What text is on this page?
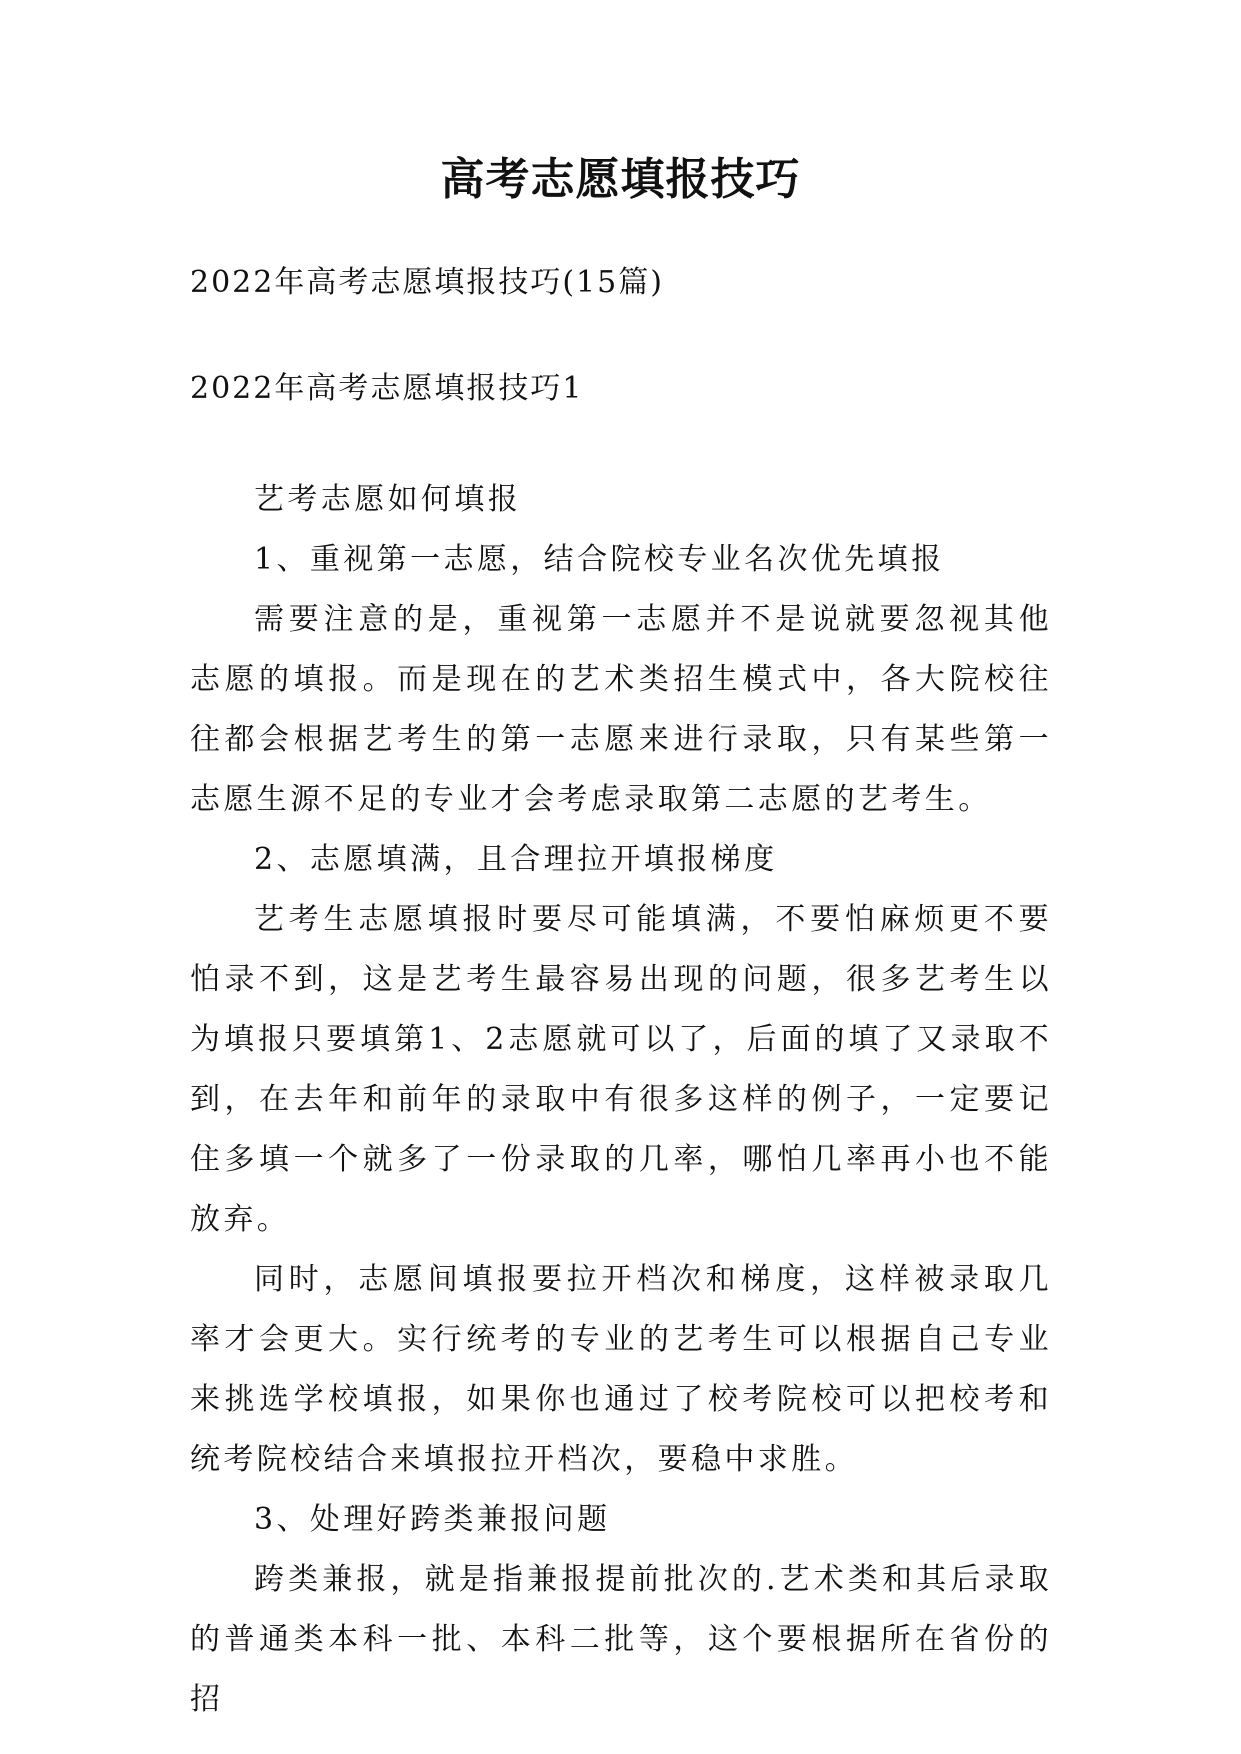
高考志愿填报技巧
2022年高考志愿填报技巧(15篇)
2022年高考志愿填报技巧1

艺考志愿如何填报

1、重视第一志愿，结合院校专业名次优先填报

需要注意的是，重视第一志愿并不是说就要忽视其他志愿的填报。而是现在的艺术类招生模式中，各大院校往往都会根据艺考生的第一志愿来进行录取，只有某些第一志愿生源不足的专业才会考虑录取第二志愿的艺考生。

2、志愿填满，且合理拉开填报梯度

艺考生志愿填报时要尽可能填满，不要怕麻烦更不要怕录不到，这是艺考生最容易出现的问题，很多艺考生以为填报只要填第1、2志愿就可以了，后面的填了又录取不到，在去年和前年的录取中有很多这样的例子，一定要记住多填一个就多了一份录取的几率，哪怕几率再小也不能放弃。

同时，志愿间填报要拉开档次和梯度，这样被录取几率才会更大。实行统考的专业的艺考生可以根据自己专业来挑选学校填报，如果你也通过了校考院校可以把校考和统考院校结合来填报拉开档次，要稳中求胜。

3、处理好跨类兼报问题

跨类兼报，就是指兼报提前批次的.艺术类和其后录取的普通类本科一批、本科二批等，这个要根据所在省份的招
